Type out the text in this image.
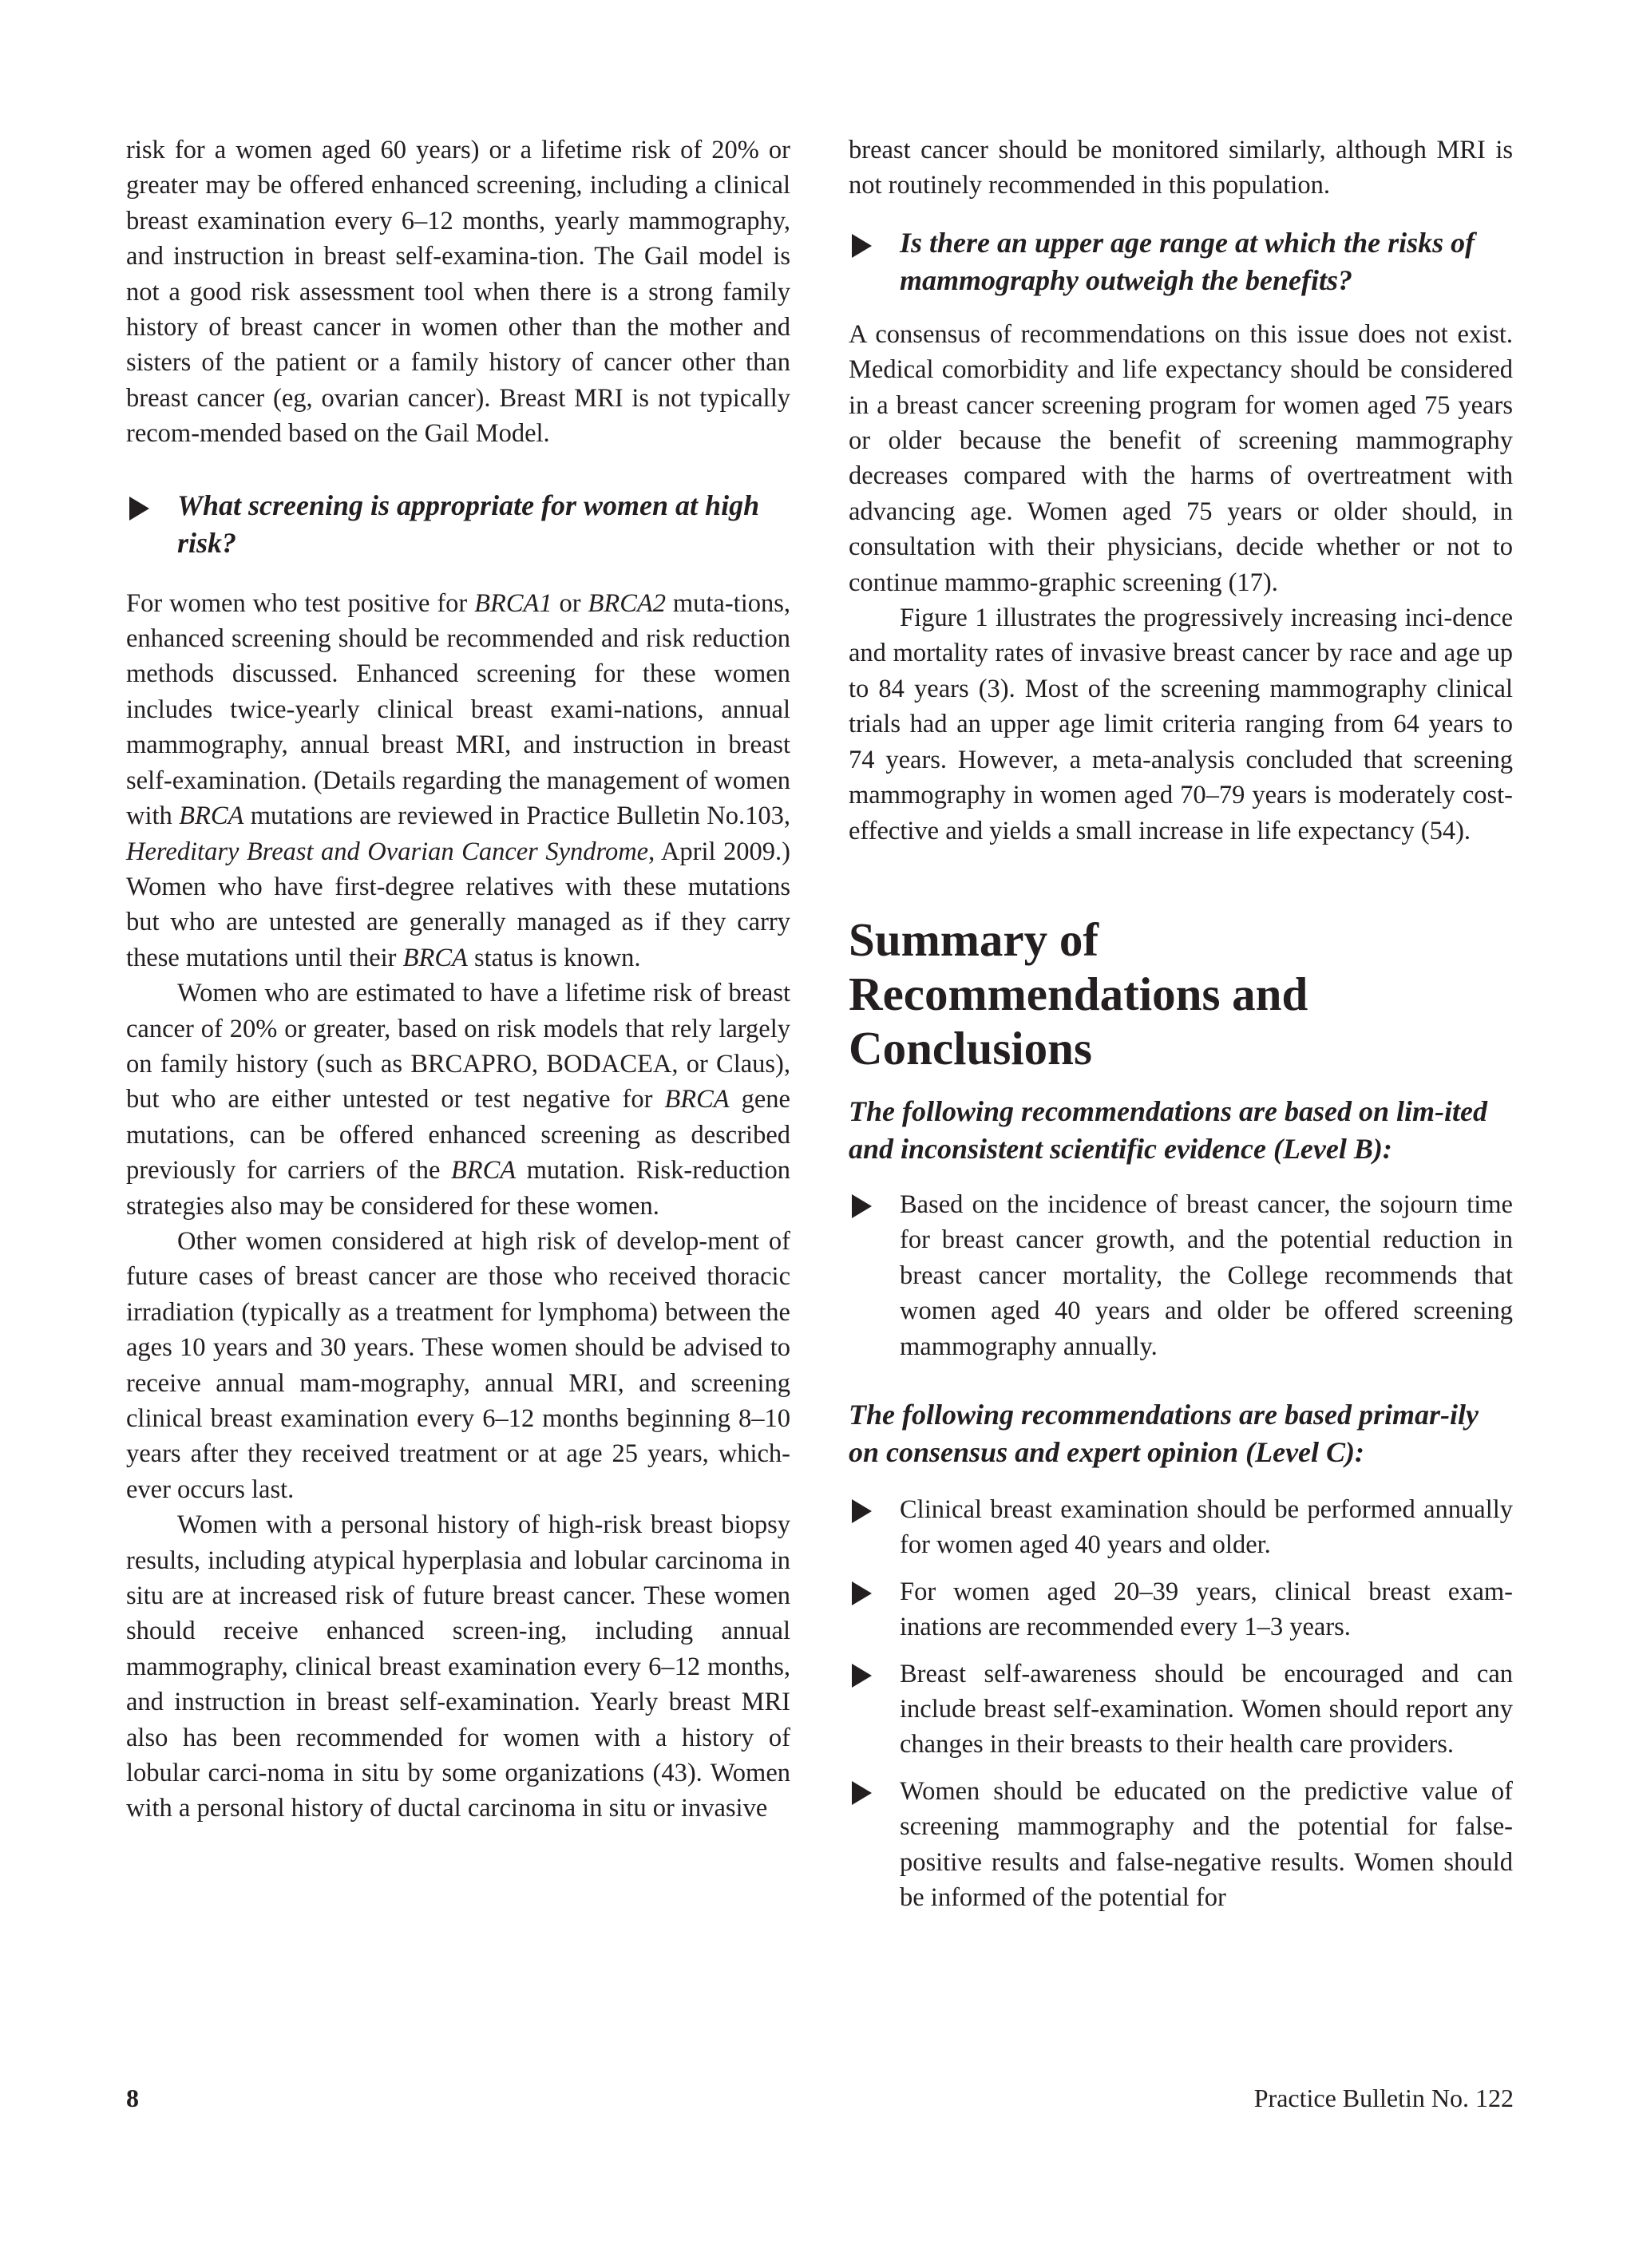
risk for a women aged 60 years) or a lifetime risk of 20% or greater may be offered enhanced screening, including a clinical breast examination every 6–12 months, yearly mammography, and instruction in breast self-examina-tion. The Gail model is not a good risk assessment tool when there is a strong family history of breast cancer in women other than the mother and sisters of the patient or a family history of cancer other than breast cancer (eg, ovarian cancer). Breast MRI is not typically recom-mended based on the Gail Model.

What screening is appropriate for women at high risk?

For women who test positive for BRCA1 or BRCA2 muta-tions, enhanced screening should be recommended and risk reduction methods discussed. Enhanced screening for these women includes twice-yearly clinical breast exami-nations, annual mammography, annual breast MRI, and instruction in breast self-examination. (Details regarding the management of women with BRCA mutations are reviewed in Practice Bulletin No.103, Hereditary Breast and Ovarian Cancer Syndrome, April 2009.) Women who have first-degree relatives with these mutations but who are untested are generally managed as if they carry these mutations until their BRCA status is known.

Women who are estimated to have a lifetime risk of breast cancer of 20% or greater, based on risk models that rely largely on family history (such as BRCAPRO, BODACEA, or Claus), but who are either untested or test negative for BRCA gene mutations, can be offered enhanced screening as described previously for carriers of the BRCA mutation. Risk-reduction strategies also may be considered for these women.

Other women considered at high risk of develop-ment of future cases of breast cancer are those who received thoracic irradiation (typically as a treatment for lymphoma) between the ages 10 years and 30 years. These women should be advised to receive annual mam-mography, annual MRI, and screening clinical breast examination every 6–12 months beginning 8–10 years after they received treatment or at age 25 years, which-ever occurs last.

Women with a personal history of high-risk breast biopsy results, including atypical hyperplasia and lobular carcinoma in situ are at increased risk of future breast cancer. These women should receive enhanced screen-ing, including annual mammography, clinical breast examination every 6–12 months, and instruction in breast self-examination. Yearly breast MRI also has been recommended for women with a history of lobular carci-noma in situ by some organizations (43). Women with a personal history of ductal carcinoma in situ or invasive

breast cancer should be monitored similarly, although MRI is not routinely recommended in this population.

Is there an upper age range at which the risks of mammography outweigh the benefits?

A consensus of recommendations on this issue does not exist. Medical comorbidity and life expectancy should be considered in a breast cancer screening program for women aged 75 years or older because the benefit of screening mammography decreases compared with the harms of overtreatment with advancing age. Women aged 75 years or older should, in consultation with their physicians, decide whether or not to continue mammo-graphic screening (17).

Figure 1 illustrates the progressively increasing inci-dence and mortality rates of invasive breast cancer by race and age up to 84 years (3). Most of the screening mammography clinical trials had an upper age limit criteria ranging from 64 years to 74 years. However, a meta-analysis concluded that screening mammography in women aged 70–79 years is moderately cost-effective and yields a small increase in life expectancy (54).

Summary of
Recommendations and
Conclusions
The following recommendations are based on lim-ited and inconsistent scientific evidence (Level B):

Based on the incidence of breast cancer, the sojourn time for breast cancer growth, and the potential reduction in breast cancer mortality, the College recommends that women aged 40 years and older be offered screening mammography annually.

The following recommendations are based primar-ily on consensus and expert opinion (Level C):

Clinical breast examination should be performed annually for women aged 40 years and older.

For women aged 20–39 years, clinical breast exam-inations are recommended every 1–3 years.

Breast self-awareness should be encouraged and can include breast self-examination. Women should report any changes in their breasts to their health care providers.

Women should be educated on the predictive value of screening mammography and the potential for false-positive results and false-negative results. Women should be informed of the potential for

8	Practice Bulletin No. 122
